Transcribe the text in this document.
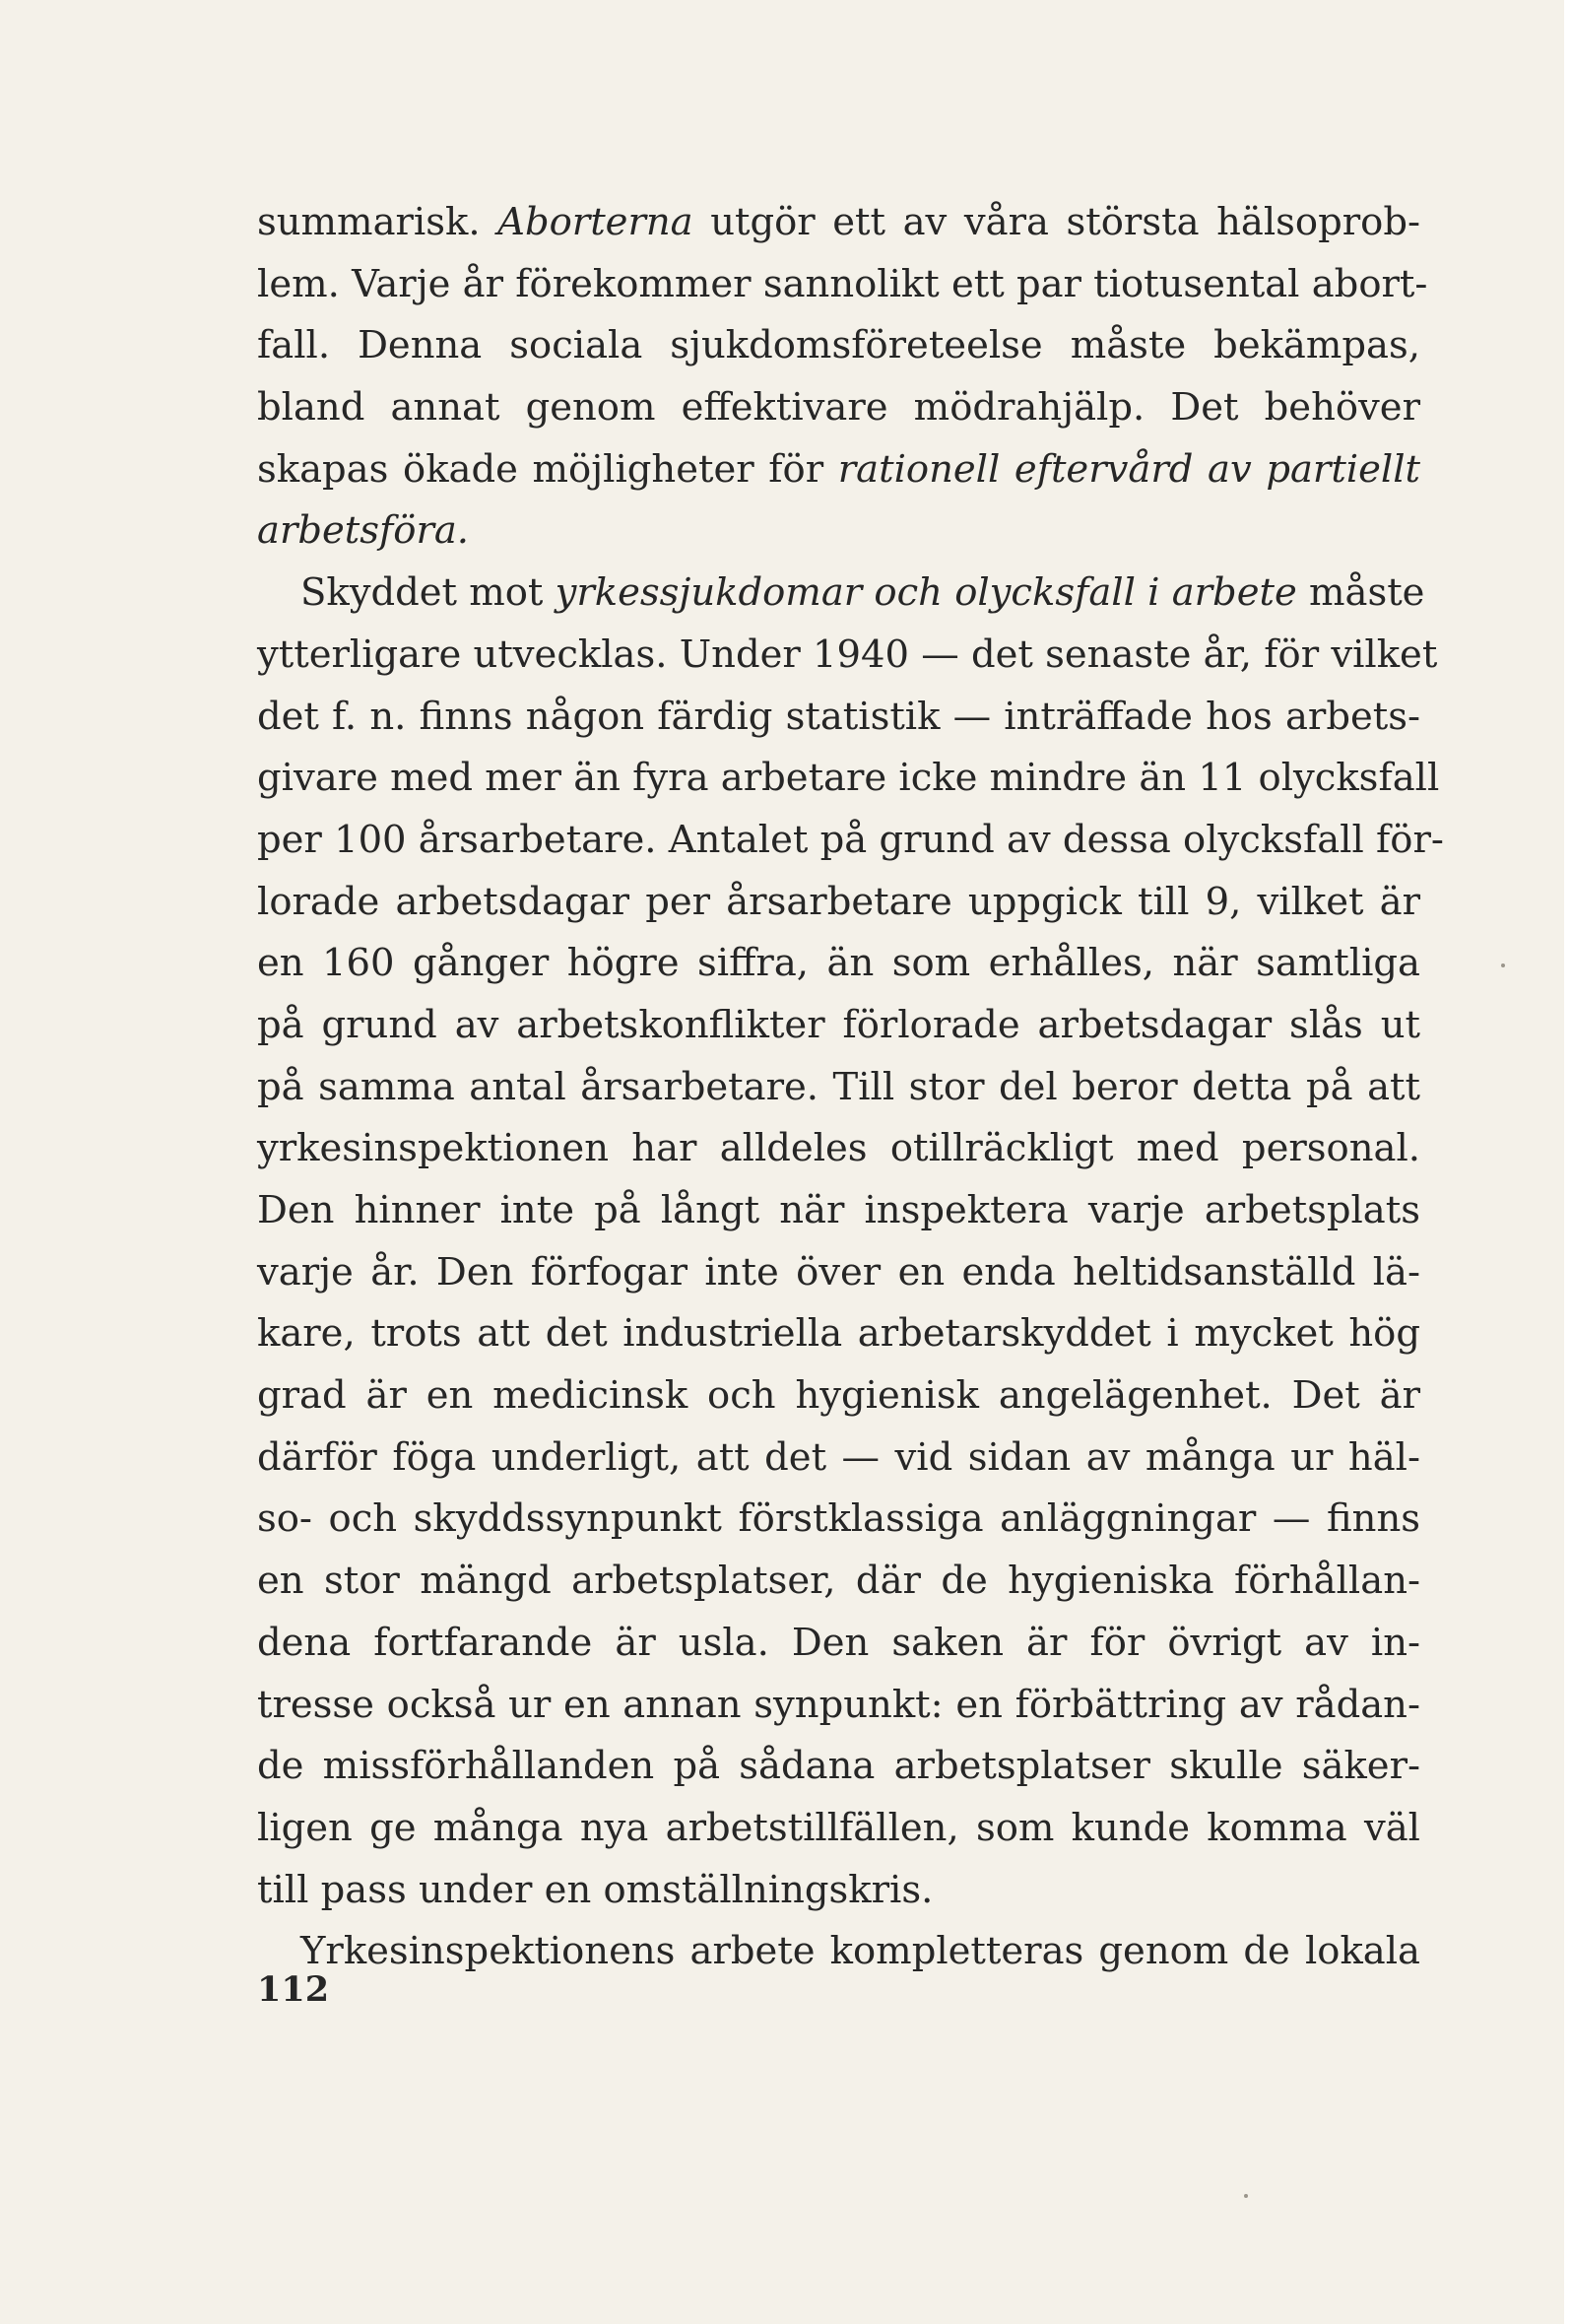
summarisk. Aborterna utgör ett av våra största hälsoprob-
lem. Varje år förekommer sannolikt ett par tiotusental abort-
fall. Denna sociala sjukdomsföreteelse måste bekämpas,
bland annat genom effektivare mödrahjälp. Det behöver
skapas ökade möjligheter för rationell eftervård av partiellt
arbetsföra.
Skyddet mot yrkessjukdomar och olycksfall i arbete måste
ytterligare utvecklas. Under 1940 — det senaste år, för vilket
det f. n. finns någon färdig statistik — inträffade hos arbets-
givare med mer än fyra arbetare icke mindre än 11 olycksfall
per 100 årsarbetare. Antalet på grund av dessa olycksfall för-
lorade arbetsdagar per årsarbetare uppgick till 9, vilket är
en 160 gånger högre siffra, än som erhålles, när samtliga
på grund av arbetskonflikter förlorade arbetsdagar slås ut
på samma antal årsarbetare. Till stor del beror detta på att
yrkesinspektionen har alldeles otillräckligt med personal.
Den hinner inte på långt när inspektera varje arbetsplats
varje år. Den förfogar inte över en enda heltidsanställd lä-
kare, trots att det industriella arbetarskyddet i mycket hög
grad är en medicinsk och hygienisk angelägenhet. Det är
därför föga underligt, att det — vid sidan av många ur häl-
so- och skyddssynpunkt förstklassiga anläggningar — finns
en stor mängd arbetsplatser, där de hygieniska förhållan-
dena fortfarande är usla. Den saken är för övrigt av in-
tresse också ur en annan synpunkt: en förbättring av rådan-
de missförhållanden på sådana arbetsplatser skulle säker-
ligen ge många nya arbetstillfällen, som kunde komma väl
till pass under en omställningskris.
Yrkesinspektionens arbete kompletteras genom de lokala
112
